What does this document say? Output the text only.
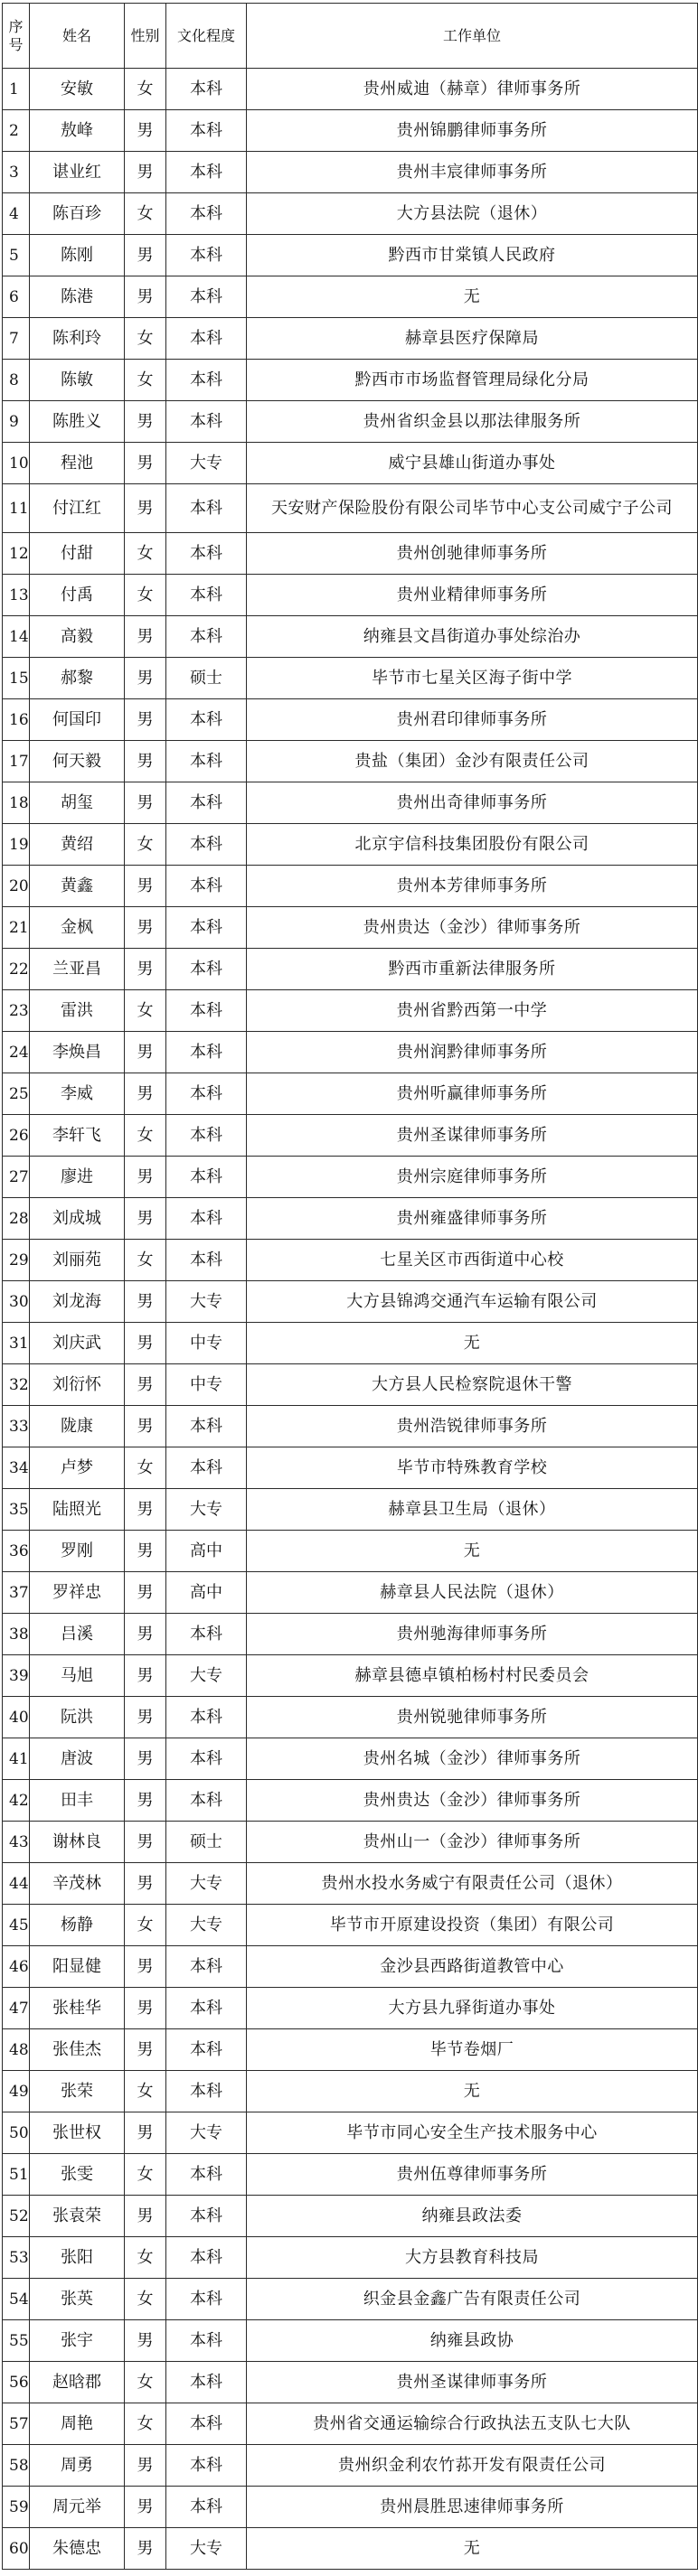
序号	姓名	性别	文化程度	工作单位
1	安敏	女	本科	贵州威迪（赫章）律师事务所
2	敖峰	男	本科	贵州锦鹏律师事务所
3	谌业红	男	本科	贵州丰宸律师事务所
4	陈百珍	女	本科	大方县法院（退休）
5	陈刚	男	本科	黔西市甘棠镇人民政府
6	陈港	男	本科	无
7	陈利玲	女	本科	赫章县医疗保障局
8	陈敏	女	本科	黔西市市场监督管理局绿化分局
9	陈胜义	男	本科	贵州省织金县以那法律服务所
10	程池	男	大专	威宁县雄山街道办事处
11	付江红	男	本科	天安财产保险股份有限公司毕节中心支公司威宁子公司
12	付甜	女	本科	贵州创驰律师事务所
13	付禹	女	本科	贵州业精律师事务所
14	高毅	男	本科	纳雍县文昌街道办事处综治办
15	郝黎	男	硕士	毕节市七星关区海子街中学
16	何国印	男	本科	贵州君印律师事务所
17	何天毅	男	本科	贵盐（集团）金沙有限责任公司
18	胡玺	男	本科	贵州出奇律师事务所
19	黄绍	女	本科	北京宇信科技集团股份有限公司
20	黄鑫	男	本科	贵州本芳律师事务所
21	金枫	男	本科	贵州贵达（金沙）律师事务所
22	兰亚昌	男	本科	黔西市重新法律服务所
23	雷洪	女	本科	贵州省黔西第一中学
24	李焕昌	男	本科	贵州润黔律师事务所
25	李威	男	本科	贵州听赢律师事务所
26	李轩飞	女	本科	贵州圣谋律师事务所
27	廖进	男	本科	贵州宗庭律师事务所
28	刘成城	男	本科	贵州雍盛律师事务所
29	刘丽苑	女	本科	七星关区市西街道中心校
30	刘龙海	男	大专	大方县锦鸿交通汽车运输有限公司
31	刘庆武	男	中专	无
32	刘衍怀	男	中专	大方县人民检察院退休干警
33	陇康	男	本科	贵州浩锐律师事务所
34	卢梦	女	本科	毕节市特殊教育学校
35	陆照光	男	大专	赫章县卫生局（退休）
36	罗刚	男	高中	无
37	罗祥忠	男	高中	赫章县人民法院（退休）
38	吕溪	男	本科	贵州驰海律师事务所
39	马旭	男	大专	赫章县德卓镇柏杨村村民委员会
40	阮洪	男	本科	贵州锐驰律师事务所
41	唐波	男	本科	贵州名城（金沙）律师事务所
42	田丰	男	本科	贵州贵达（金沙）律师事务所
43	谢林良	男	硕士	贵州山一（金沙）律师事务所
44	辛茂林	男	大专	贵州水投水务威宁有限责任公司（退休）
45	杨静	女	大专	毕节市开原建设投资（集团）有限公司
46	阳显健	男	本科	金沙县西路街道教管中心
47	张桂华	男	本科	大方县九驿街道办事处
48	张佳杰	男	本科	毕节卷烟厂
49	张荣	女	本科	无
50	张世权	男	大专	毕节市同心安全生产技术服务中心
51	张雯	女	本科	贵州伍尊律师事务所
52	张袁荣	男	本科	纳雍县政法委
53	张阳	女	本科	大方县教育科技局
54	张英	女	本科	织金县金鑫广告有限责任公司
55	张宇	男	本科	纳雍县政协
56	赵晗郡	女	本科	贵州圣谋律师事务所
57	周艳	女	本科	贵州省交通运输综合行政执法五支队七大队
58	周勇	男	本科	贵州织金利农竹荪开发有限责任公司
59	周元举	男	本科	贵州晨胜思速律师事务所
60	朱德忠	男	大专	无
